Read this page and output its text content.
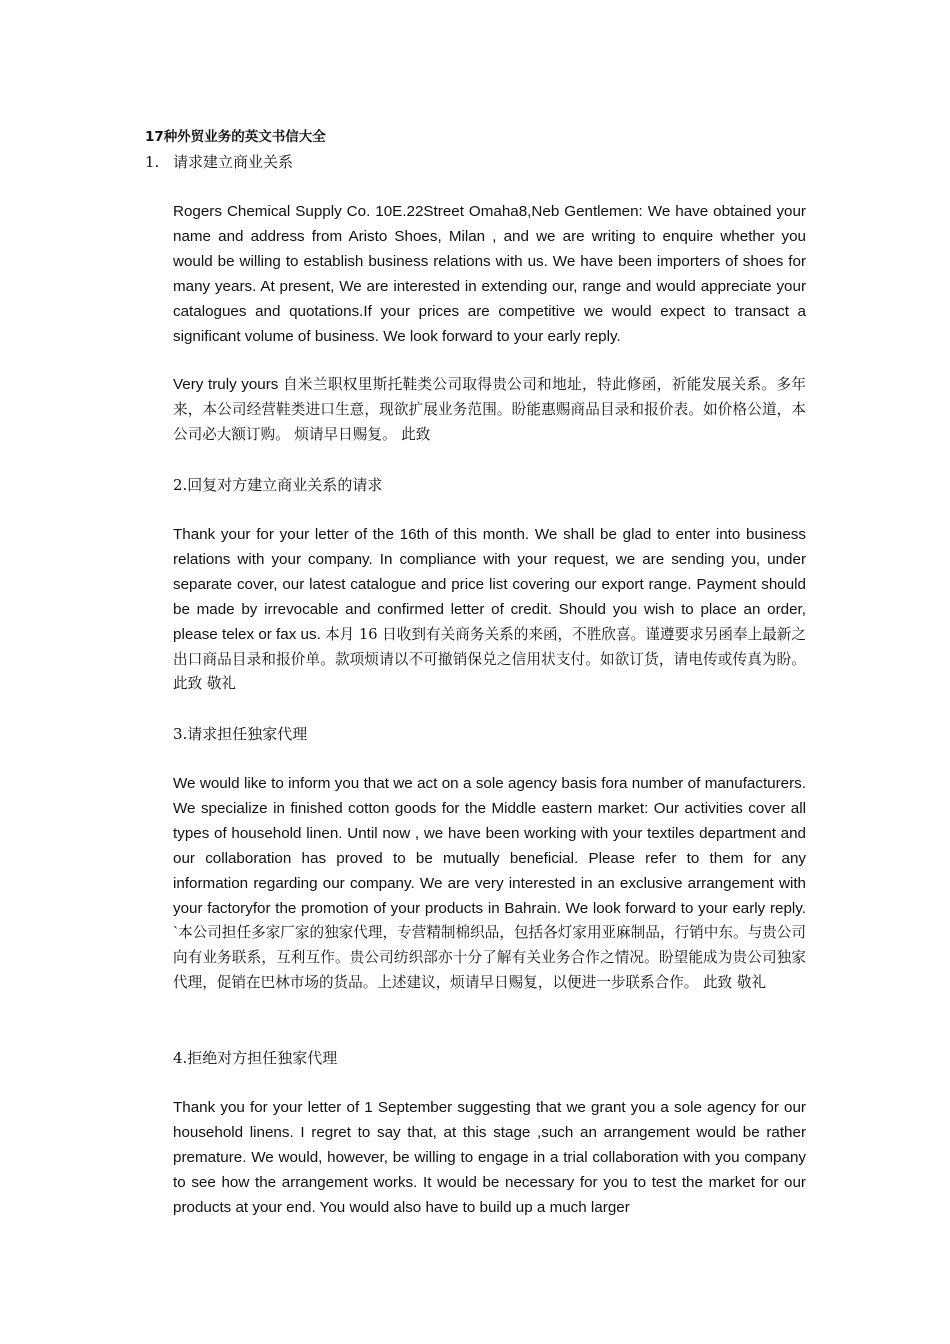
17种外贸业务的英文书信大全
1. 请求建立商业关系

Rogers Chemical Supply Co. 10E.22Street Omaha8,Neb Gentlemen: We have obtained your name and address from Aristo Shoes, Milan , and we are writing to enquire whether you would be willing to establish business relations with us. We have been importers of shoes for many years. At present, We are interested in extending our, range and would appreciate your catalogues and quotations.If your prices are competitive we would expect to transact a significant volume of business. We look forward to your early reply.

Very truly yours 自米兰职权里斯托鞋类公司取得贵公司和地址，特此修函，祈能发展关系。多年来，本公司经营鞋类进口生意，现欲扩展业务范围。盼能惠赐商品目录和报价表。如价格公道，本公司必大额订购。 烦请早日赐复。 此致

2.回复对方建立商业关系的请求

Thank your for your letter of the 16th of this month. We shall be glad to enter into business relations with your company. In compliance with your request, we are sending you, under separate cover, our latest catalogue and price list covering our export range. Payment should be made by irrevocable and confirmed letter of credit. Should you wish to place an order, please telex or fax us. 本月 16 日收到有关商务关系的来函，不胜欣喜。谨遵要求另函奉上最新之出口商品目录和报价单。款项烦请以不可撤销保兑之信用状支付。如欲订货，请电传或传真为盼。 此致 敬礼

3.请求担任独家代理

We would like to inform you that we act on a sole agency basis fora number of manufacturers. We specialize in finished cotton goods for the Middle eastern market: Our activities cover all types of household linen. Until now , we have been working with your textiles department and our collaboration has proved to be mutually beneficial. Please refer to them for any information regarding our company. We are very interested in an exclusive arrangement with your factoryfor the promotion of your products in Bahrain. We look forward to your early reply. `本公司担任多家厂家的独家代理，专营精制棉织品，包括各灯家用亚麻制品，行销中东。与贵公司向有业务联系，互利互作。贵公司纺织部亦十分了解有关业务合作之情况。盼望能成为贵公司独家代理，促销在巴林市场的货品。上述建议，烦请早日赐复，以便进一步联系合作。 此致 敬礼

4.拒绝对方担任独家代理

Thank you for your letter of 1 September suggesting that we grant you a sole agency for our household linens. I regret to say that, at this stage ,such an arrangement would be rather premature. We would, however, be willing to engage in a trial collaboration with you company to see how the arrangement works. It would be necessary for you to test the market for our products at your end. You would also have to build up a much larger
